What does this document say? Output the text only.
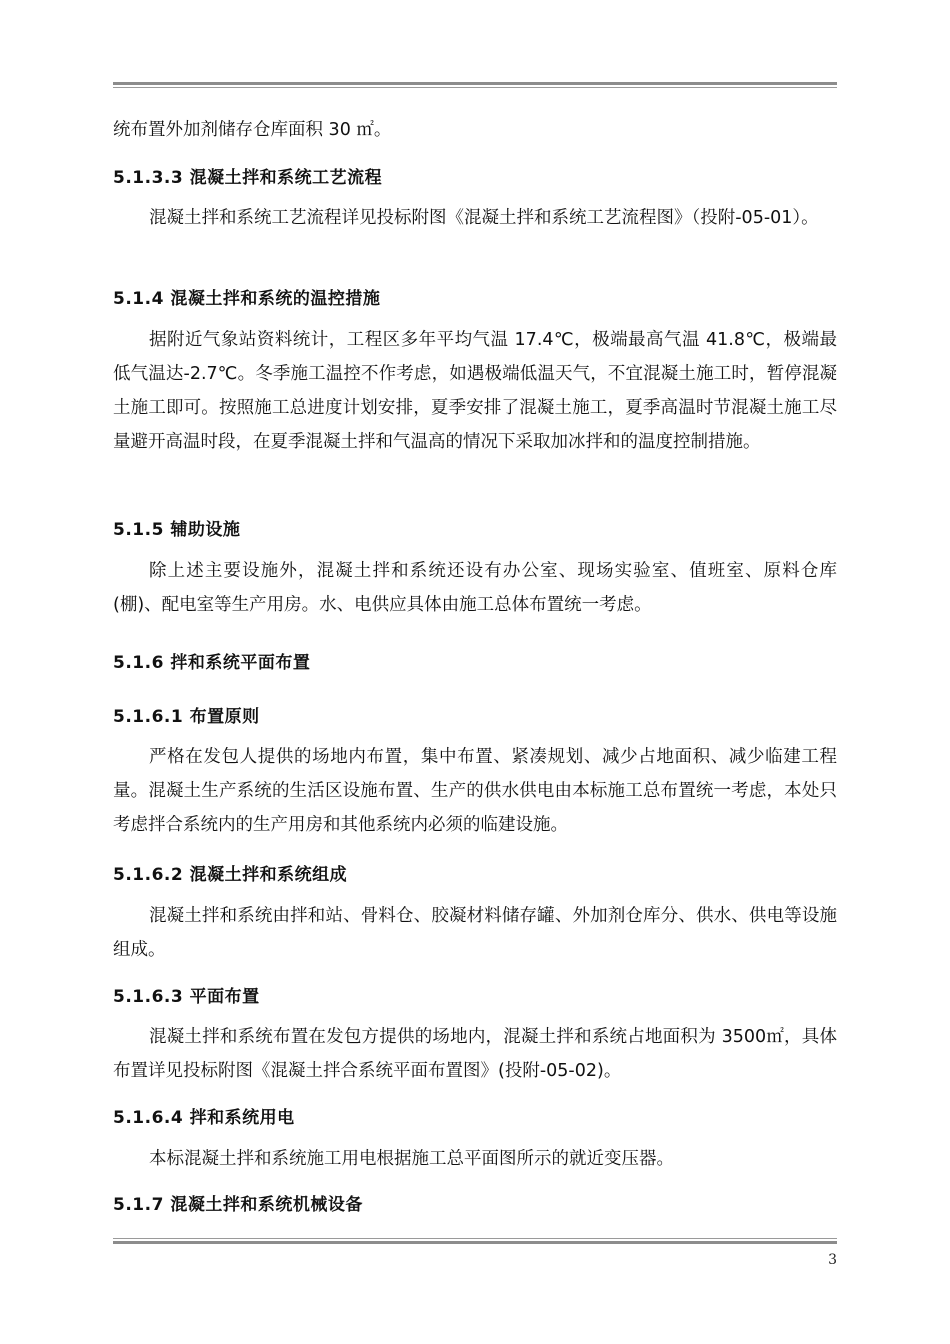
统布置外加剂储存仓库面积 30 ㎡。
5.1.3.3 混凝土拌和系统工艺流程
混凝土拌和系统工艺流程详见投标附图《混凝土拌和系统工艺流程图》（投附-05-01）。
5.1.4 混凝土拌和系统的温控措施
据附近气象站资料统计，工程区多年平均气温 17.4℃，极端最高气温 41.8℃，极端最低气温达-2.7℃。冬季施工温控不作考虑，如遇极端低温天气，不宜混凝土施工时，暂停混凝土施工即可。按照施工总进度计划安排，夏季安排了混凝土施工，夏季高温时节混凝土施工尽量避开高温时段，在夏季混凝土拌和气温高的情况下采取加冰拌和的温度控制措施。
5.1.5 辅助设施
除上述主要设施外，混凝土拌和系统还设有办公室、现场实验室、值班室、原料仓库(棚)、配电室等生产用房。水、电供应具体由施工总体布置统一考虑。
5.1.6 拌和系统平面布置
5.1.6.1 布置原则
严格在发包人提供的场地内布置，集中布置、紧凑规划、减少占地面积、减少临建工程量。混凝土生产系统的生活区设施布置、生产的供水供电由本标施工总布置统一考虑，本处只考虑拌合系统内的生产用房和其他系统内必须的临建设施。
5.1.6.2 混凝土拌和系统组成
混凝土拌和系统由拌和站、骨料仓、胶凝材料储存罐、外加剂仓库分、供水、供电等设施组成。
5.1.6.3 平面布置
混凝土拌和系统布置在发包方提供的场地内，混凝土拌和系统占地面积为 3500㎡，具体布置详见投标附图《混凝土拌合系统平面布置图》(投附-05-02)。
5.1.6.4 拌和系统用电
本标混凝土拌和系统施工用电根据施工总平面图所示的就近变压器。
5.1.7 混凝土拌和系统机械设备
3
